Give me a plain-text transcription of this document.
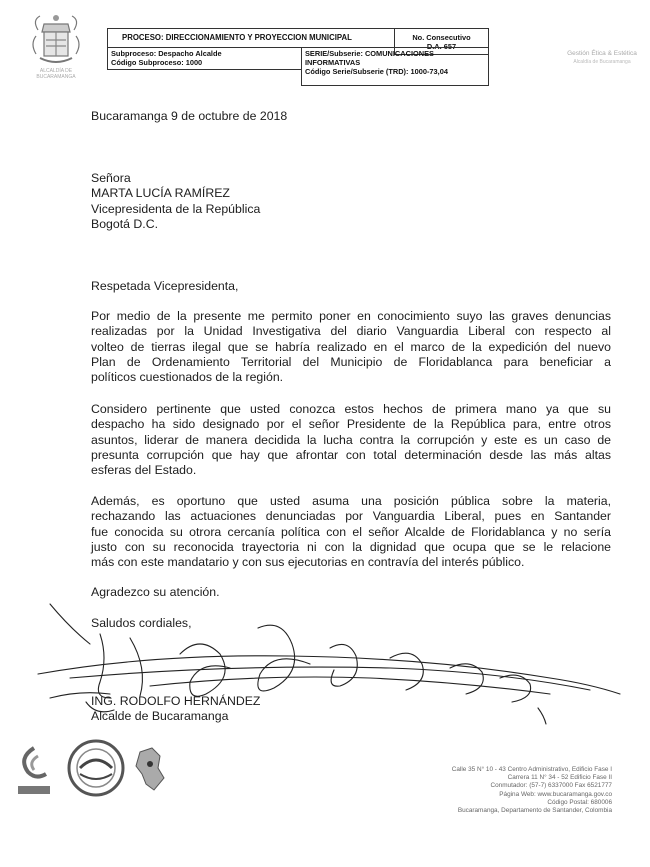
ALCALDÍA DE
BUCARAMANGA
PROCESO: DIRECCIONAMIENTO Y PROYECCION MUNICIPAL	No. Consecutivo
D.A. 657
Subproceso: Despacho Alcalde
Código Subproceso: 1000
SERIE/Subserie: COMUNICACIONES
INFORMATIVAS
Código Serie/Subserie (TRD): 1000-73,04
Gestión Ética & Estética
Alcaldía de Bucaramanga
Bucaramanga 9 de octubre de 2018
Señora
MARTA LUCÍA RAMÍREZ
Vicepresidenta de la República
Bogotá D.C.
Respetada Vicepresidenta,
Por medio de la presente me permito poner en conocimiento suyo las graves denuncias
realizadas por la Unidad Investigativa del diario Vanguardia Liberal con respecto al
volteo de tierras ilegal que se habría realizado en el marco de la expedición del nuevo
Plan de Ordenamiento Territorial del Municipio de Floridablanca para beneficiar a
políticos cuestionados de la región.
Considero pertinente que usted conozca estos hechos de primera mano ya que su
despacho ha sido designado por el señor Presidente de la República para, entre otros
asuntos, liderar de manera decidida la lucha contra la corrupción y este es un caso de
presunta corrupción que hay que afrontar con total determinación desde las más altas
esferas del Estado.
Además, es oportuno que usted asuma una posición pública sobre la materia,
rechazando las actuaciones denunciadas por Vanguardia Liberal, pues en Santander
fue conocida su otrora cercanía política con el señor Alcalde de Floridablanca y no sería
justo con su reconocida trayectoria ni con la dignidad que ocupa que se le relacione
más con este mandatario y con sus ejecutorias en contravía del interés público.
Agradezco su atención.
Saludos cordiales,
ING. RODOLFO HERNÁNDEZ
Alcalde de Bucaramanga
Calle 35 N° 10 - 43 Centro Administrativo, Edificio Fase I
Carrera 11 N° 34 - 52 Edificio Fase II
Conmutador: (57-7) 6337000 Fax 6521777
Página Web: www.bucaramanga.gov.co
Código Postal: 680006
Bucaramanga, Departamento de Santander, Colombia
